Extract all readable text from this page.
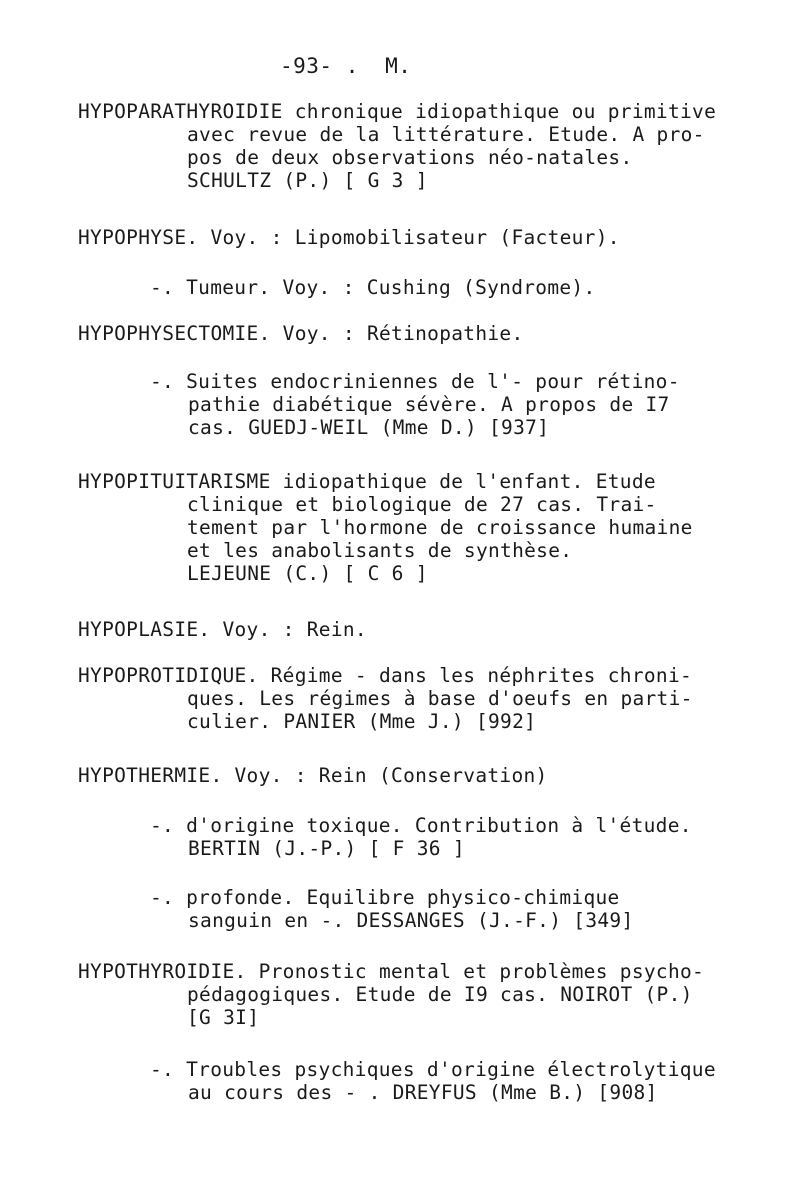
-93- . M.
HYPOPARATHYROIDIE chronique idiopathique ou primitive
avec revue de la littérature. Etude. A pro-
pos de deux observations néo-natales.
SCHULTZ (P.) [ G 3 ]
HYPOPHYSE. Voy. : Lipomobilisateur (Facteur).
-. Tumeur. Voy. : Cushing (Syndrome).
HYPOPHYSECTOMIE. Voy. : Rétinopathie.
-. Suites endocriniennes de l'- pour rétino-
pathie diabétique sévère. A propos de I7
cas. GUEDJ-WEIL (Mme D.) [937]
HYPOPITUITARISME idiopathique de l'enfant. Etude
clinique et biologique de 27 cas. Trai-
tement par l'hormone de croissance humaine
et les anabolisants de synthèse.
LEJEUNE (C.) [ C 6 ]
HYPOPLASIE. Voy. : Rein.
HYPOPROTIDIQUE. Régime - dans les néphrites chroni-
ques. Les régimes à base d'oeufs en parti-
culier. PANIER (Mme J.) [992]
HYPOTHERMIE. Voy. : Rein (Conservation)
-. d'origine toxique. Contribution à l'étude.
BERTIN (J.-P.) [ F 36 ]
-. profonde. Equilibre physico-chimique
sanguin en -. DESSANGES (J.-F.) [349]
HYPOTHYROIDIE. Pronostic mental et problèmes psycho-
pédagogiques. Etude de I9 cas. NOIROT (P.)
[G 3I]
-. Troubles psychiques d'origine électrolytique
au cours des - . DREYFUS (Mme B.) [908]
